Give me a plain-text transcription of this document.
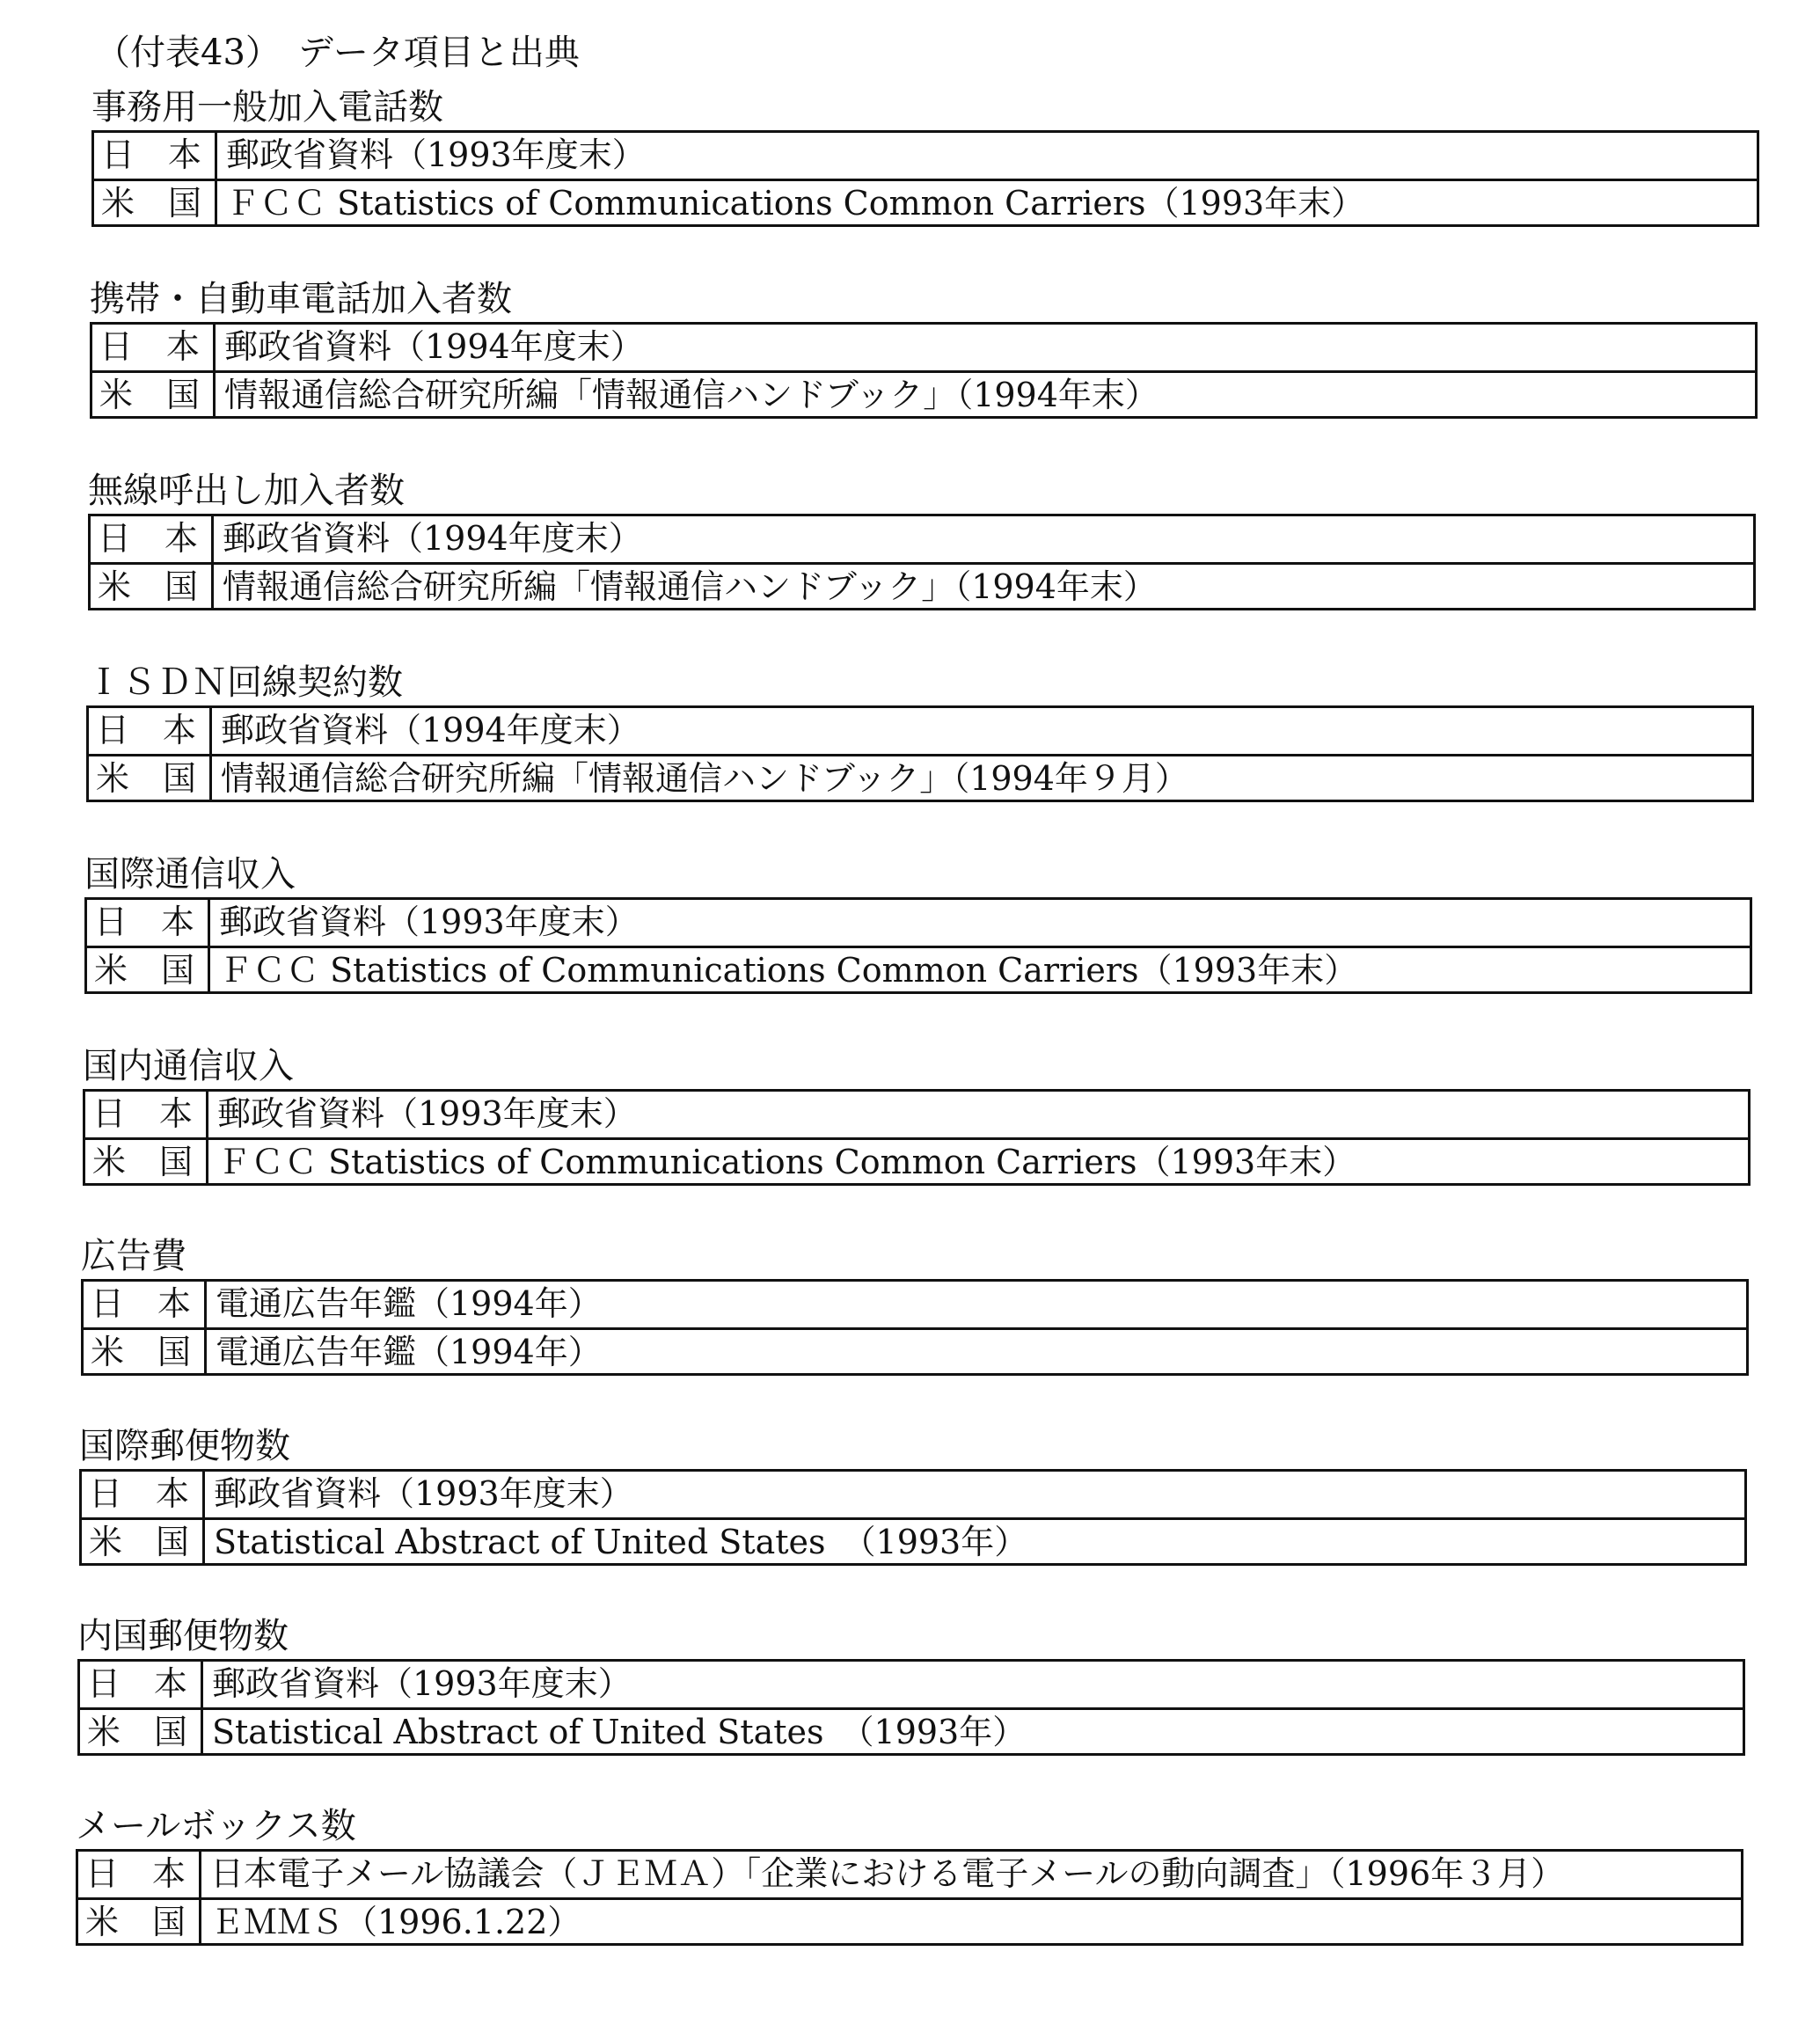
（付表43）　データ項目と出典
事務用一般加入電話数
日　本 郵政省資料（1993年度末）
米　国 ＦＣＣ Statistics of Communications Common Carriers（1993年末）
携帯・自動車電話加入者数
日　本 郵政省資料（1994年度末）
米　国 情報通信総合研究所編「情報通信ハンドブック」（1994年末）
無線呼出し加入者数
日　本 郵政省資料（1994年度末）
米　国 情報通信総合研究所編「情報通信ハンドブック」（1994年末）
ＩＳＤＮ回線契約数
日　本 郵政省資料（1994年度末）
米　国 情報通信総合研究所編「情報通信ハンドブック」（1994年９月）
国際通信収入
日　本 郵政省資料（1993年度末）
米　国 ＦＣＣ Statistics of Communications Common Carriers（1993年末）
国内通信収入
日　本 郵政省資料（1993年度末）
米　国 ＦＣＣ Statistics of Communications Common Carriers（1993年末）
広告費
日　本 電通広告年鑑（1994年）
米　国 電通広告年鑑（1994年）
国際郵便物数
日　本 郵政省資料（1993年度末）
米　国 Statistical Abstract of United States　（1993年）
内国郵便物数
日　本 郵政省資料（1993年度末）
米　国 Statistical Abstract of United States　（1993年）
メールボックス数
日　本 日本電子メール協議会（ＪＥＭＡ）「企業における電子メールの動向調査」（1996年３月）
米　国 ＥＭＭＳ（1996.1.22）
